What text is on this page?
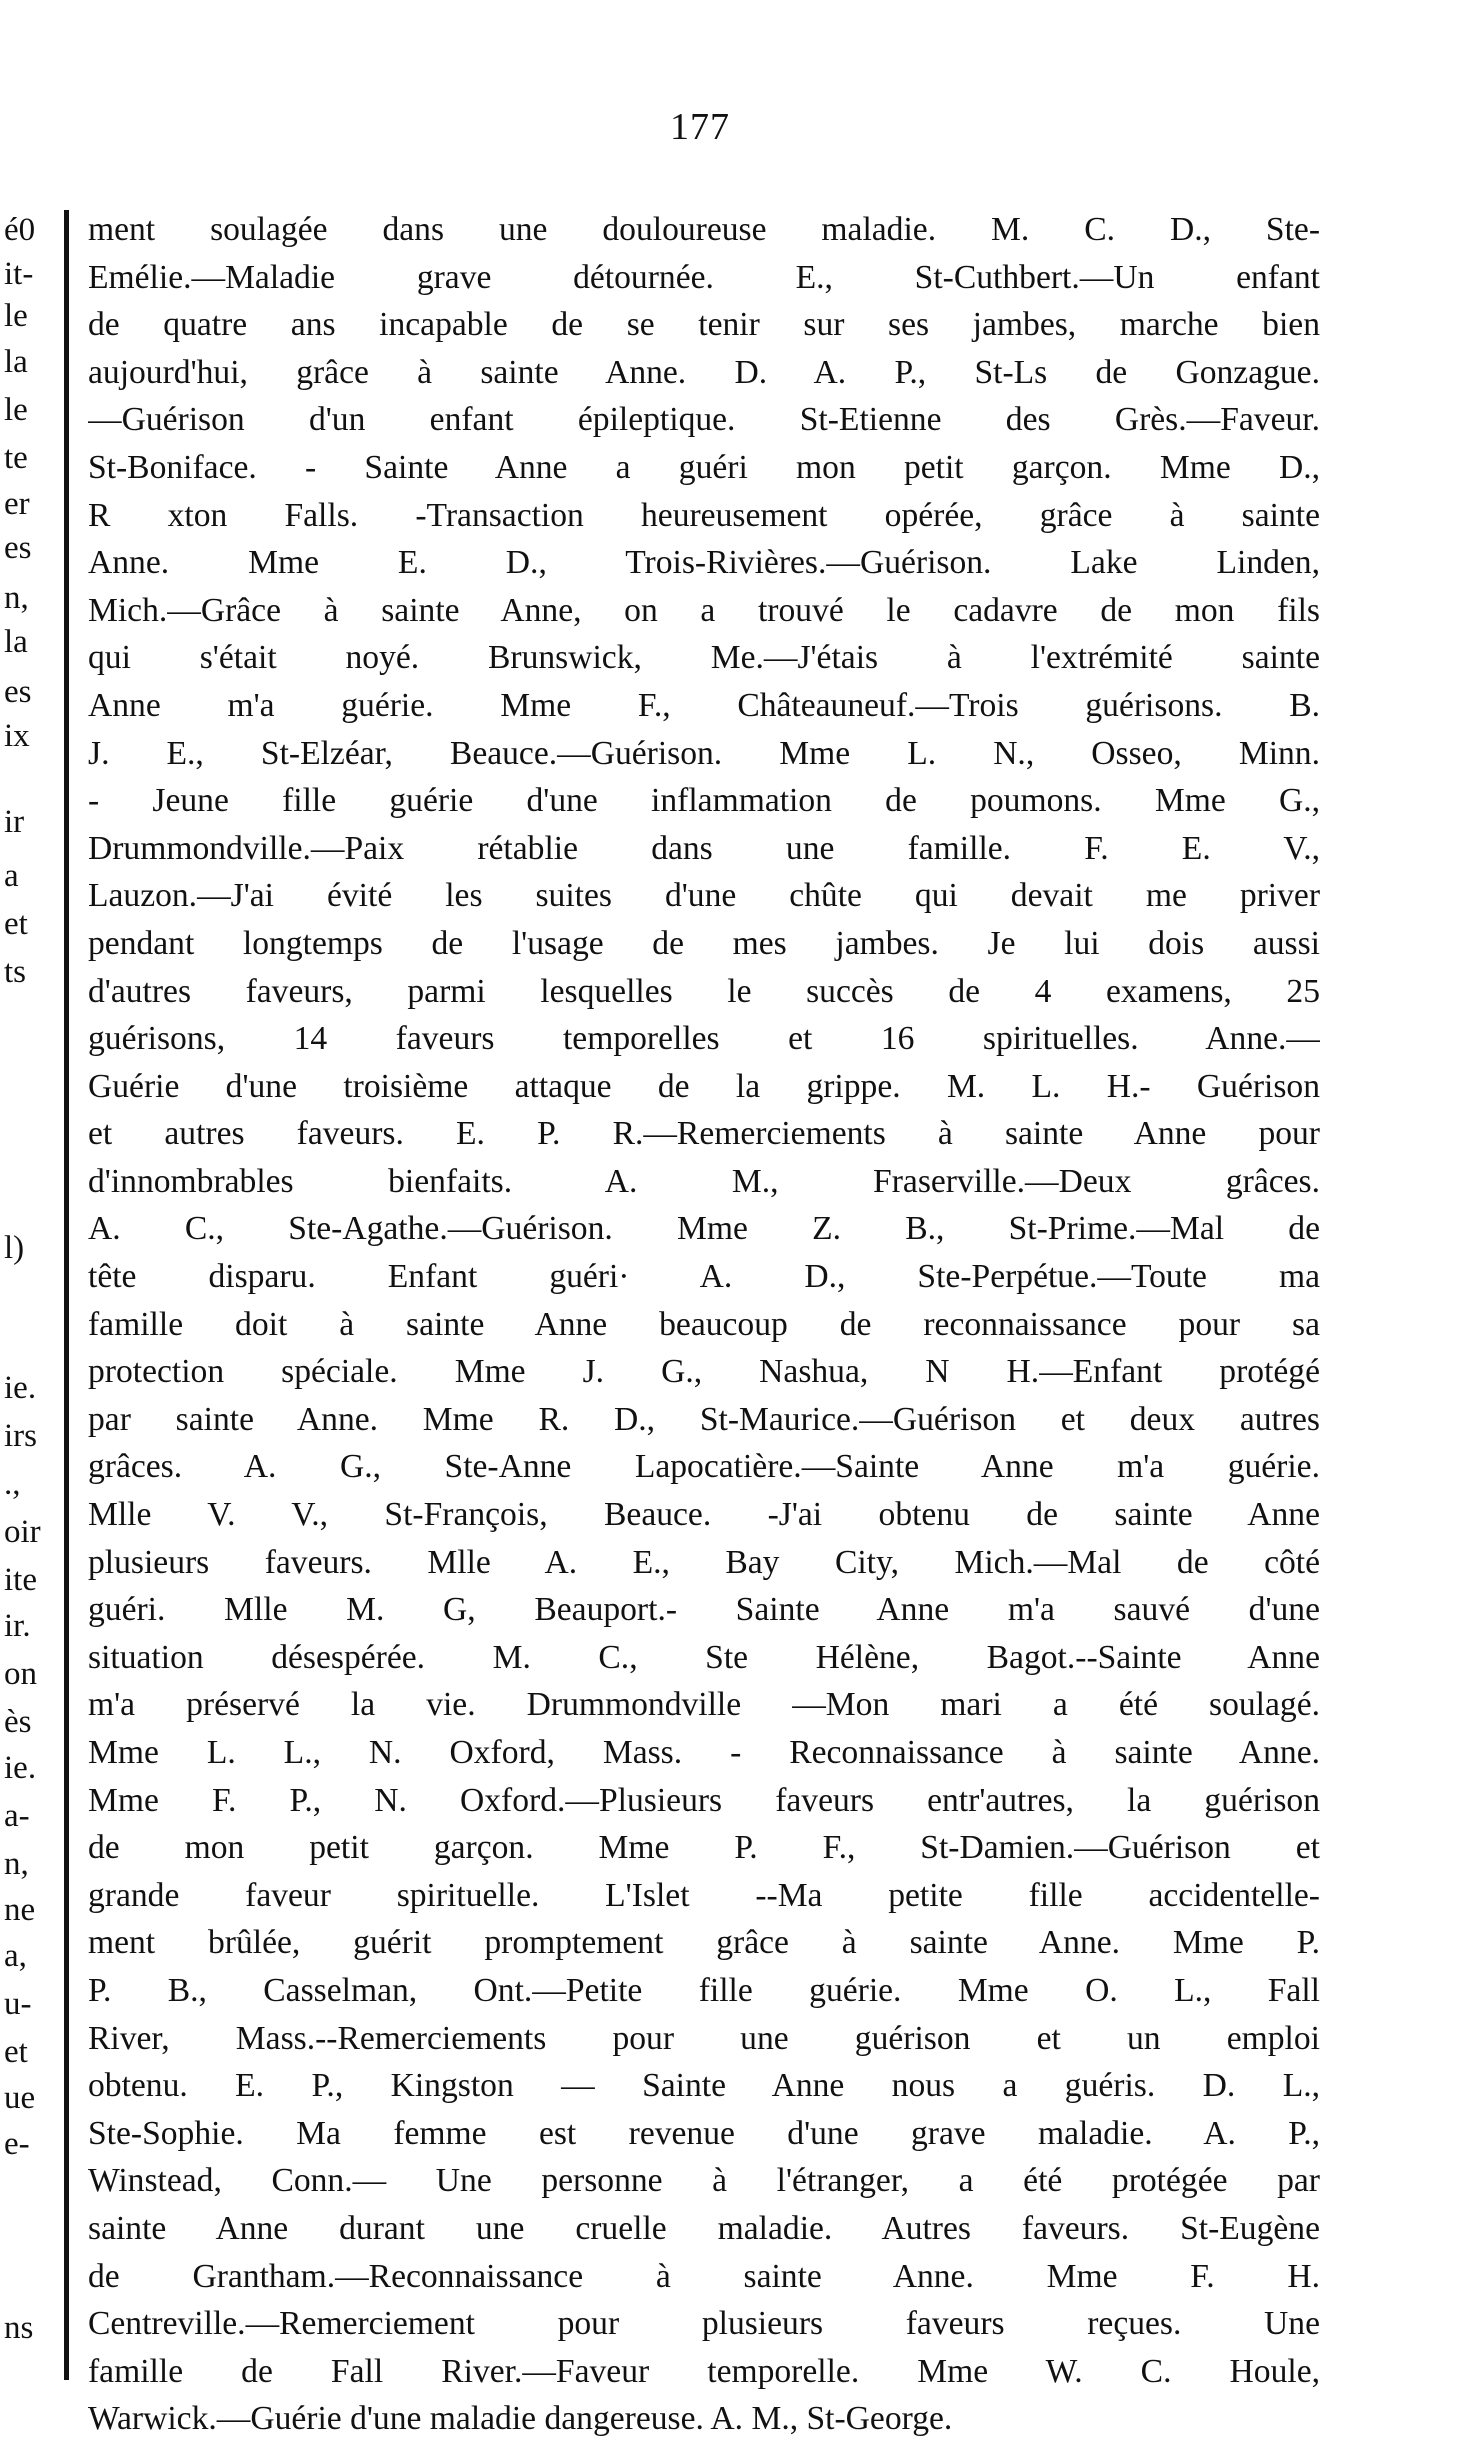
177
é0
it-
le
la
le
te
er
es
n,
la
es
ix
ir
a
et
ts
l)
ie.
irs
.,
oir
ite
ir.
on
ès
ie.
a-
n,
ne
a,
u-
et
ue
e-
ns
ment soulagée dans une douloureuse maladie. M. C. D., Ste-
Emélie.—Maladie grave détournée. E., St-Cuthbert.—Un enfant
de quatre ans incapable de se tenir sur ses jambes, marche bien
aujourd'hui, grâce à sainte Anne. D. A. P., St-Ls de Gonzague.
—Guérison d'un enfant épileptique. St-Etienne des Grès.—Faveur.
St-Boniface. - Sainte Anne a guéri mon petit garçon. Mme D.,
R xton Falls. -Transaction heureusement opérée, grâce à sainte
Anne. Mme E. D., Trois-Rivières.—Guérison. Lake Linden,
Mich.—Grâce à sainte Anne, on a trouvé le cadavre de mon fils
qui s'était noyé. Brunswick, Me.—J'étais à l'extrémité sainte
Anne m'a guérie. Mme F., Châteauneuf.—Trois guérisons. B.
J. E., St-Elzéar, Beauce.—Guérison. Mme L. N., Osseo, Minn.
- Jeune fille guérie d'une inflammation de poumons. Mme G.,
Drummondville.—Paix rétablie dans une famille. F. E. V.,
Lauzon.—J'ai évité les suites d'une chûte qui devait me priver
pendant longtemps de l'usage de mes jambes. Je lui dois aussi
d'autres faveurs, parmi lesquelles le succès de 4 examens, 25
guérisons, 14 faveurs temporelles et 16 spirituelles. Anne.—
Guérie d'une troisième attaque de la grippe. M. L. H.- Guérison
et autres faveurs. E. P. R.—Remerciements à sainte Anne pour
d'innombrables bienfaits. A. M., Fraserville.—Deux grâces.
A. C., Ste-Agathe.—Guérison. Mme Z. B., St-Prime.—Mal de
tête disparu. Enfant guéri· A. D., Ste-Perpétue.—Toute ma
famille doit à sainte Anne beaucoup de reconnaissance pour sa
protection spéciale. Mme J. G., Nashua, N H.—Enfant protégé
par sainte Anne. Mme R. D., St-Maurice.—Guérison et deux autres
grâces. A. G., Ste-Anne Lapocatière.—Sainte Anne m'a guérie.
Mlle V. V., St-François, Beauce. -J'ai obtenu de sainte Anne
plusieurs faveurs. Mlle A. E., Bay City, Mich.—Mal de côté
guéri. Mlle M. G, Beauport.- Sainte Anne m'a sauvé d'une
situation désespérée. M. C., Ste Hélène, Bagot.--Sainte Anne
m'a préservé la vie. Drummondville —Mon mari a été soulagé.
Mme L. L., N. Oxford, Mass. - Reconnaissance à sainte Anne.
Mme F. P., N. Oxford.—Plusieurs faveurs entr'autres, la guérison
de mon petit garçon. Mme P. F., St-Damien.—Guérison et
grande faveur spirituelle. L'Islet --Ma petite fille accidentelle-
ment brûlée, guérit promptement grâce à sainte Anne. Mme P.
P. B., Casselman, Ont.—Petite fille guérie. Mme O. L., Fall
River, Mass.--Remerciements pour une guérison et un emploi
obtenu. E. P., Kingston — Sainte Anne nous a guéris. D. L.,
Ste-Sophie. Ma femme est revenue d'une grave maladie. A. P.,
Winstead, Conn.— Une personne à l'étranger, a été protégée par
sainte Anne durant une cruelle maladie. Autres faveurs. St-Eugène
de Grantham.—Reconnaissance à sainte Anne. Mme F. H.
Centreville.—Remerciement pour plusieurs faveurs reçues. Une
famille de Fall River.—Faveur temporelle. Mme W. C. Houle,
Warwick.—Guérie d'une maladie dangereuse. A. M., St-George.
